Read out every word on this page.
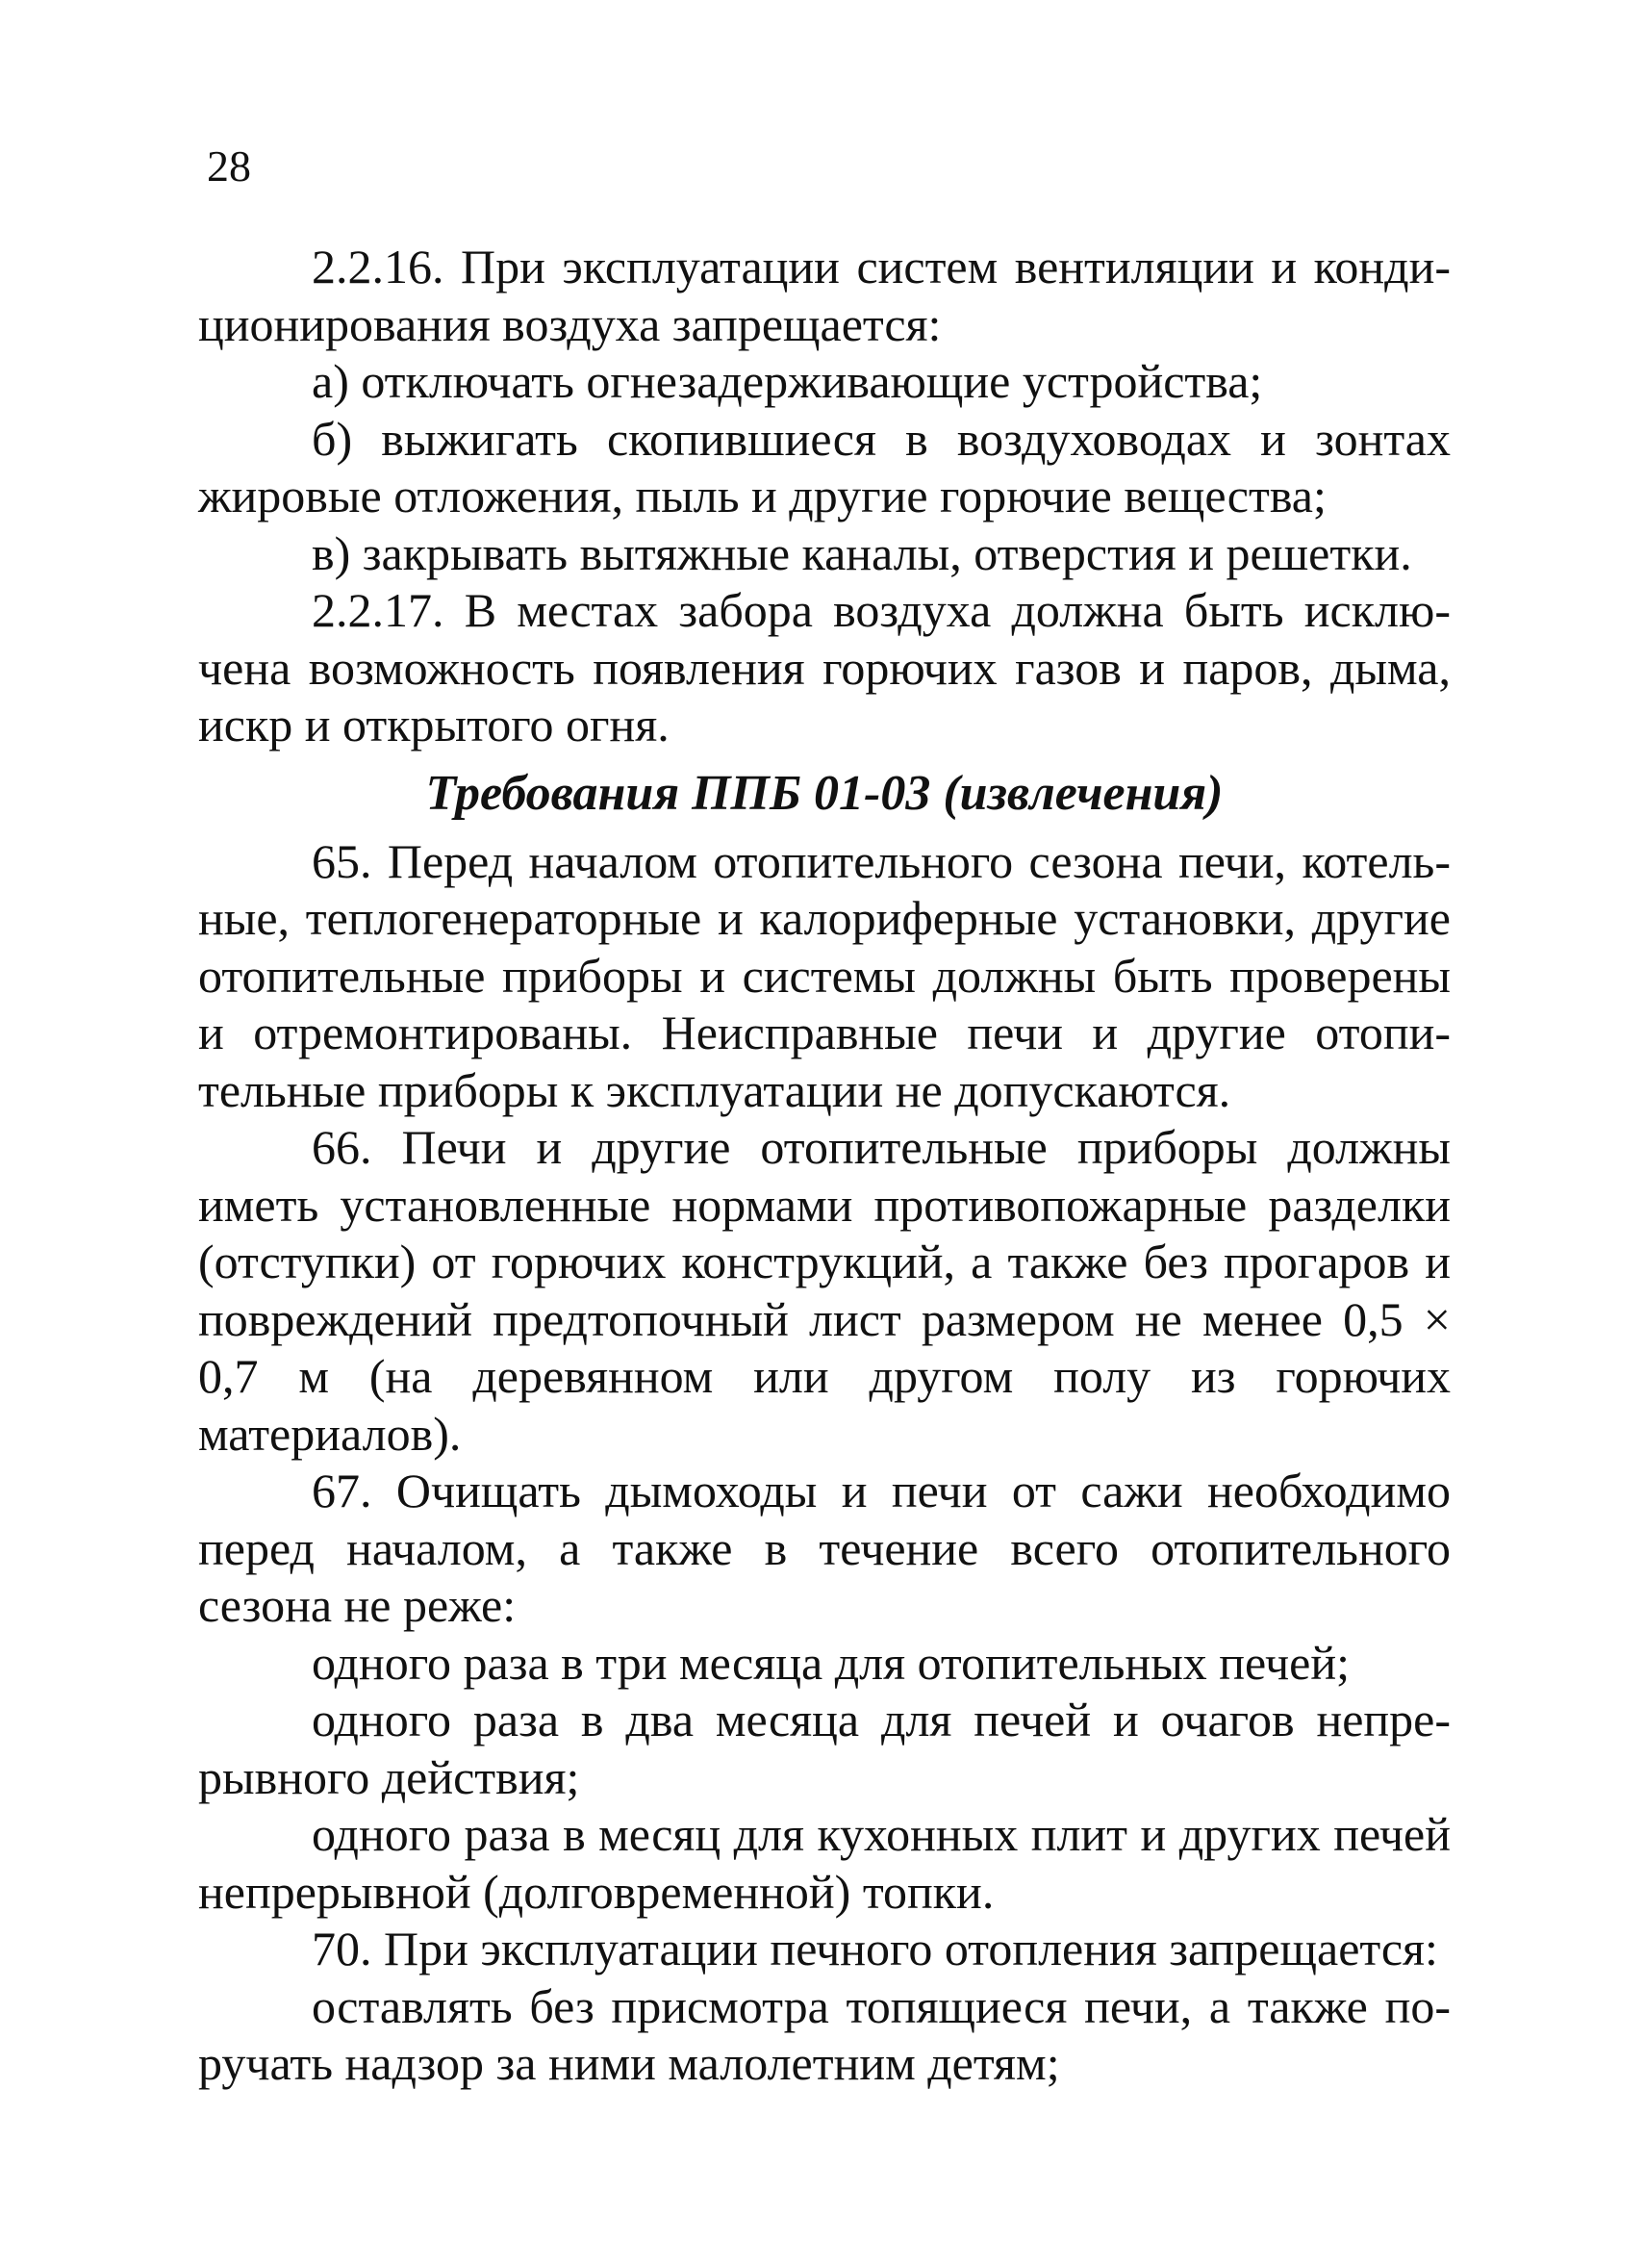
28

2.2.16. При эксплуатации систем вентиляции и кондиционирования воздуха запрещается:

а) отключать огнезадерживающие устройства;

б) выжигать скопившиеся в воздуховодах и зонтах жировые отложения, пыль и другие горючие вещества;

в) закрывать вытяжные каналы, отверстия и решетки.

2.2.17. В местах забора воздуха должна быть исключена возможность появления горючих газов и паров, дыма, искр и открытого огня.

Требования ППБ 01-03 (извлечения)

65. Перед началом отопительного сезона печи, котельные, теплогенераторные и калориферные установки, другие отопительные приборы и системы должны быть проверены и отремонтированы. Неисправные печи и другие отопительные приборы к эксплуатации не допускаются.

66. Печи и другие отопительные приборы должны иметь установленные нормами противопожарные разделки (отступки) от горючих конструкций, а также без прогаров и повреждений предтопочный лист размером не менее 0,5 × 0,7 м (на деревянном или другом полу из горючих материалов).

67. Очищать дымоходы и печи от сажи необходимо перед началом, а также в течение всего отопительного сезона не реже:

одного раза в три месяца для отопительных печей;

одного раза в два месяца для печей и очагов непрерывного действия;

одного раза в месяц для кухонных плит и других печей непрерывной (долговременной) топки.

70. При эксплуатации печного отопления запрещается:

оставлять без присмотра топящиеся печи, а также поручать надзор за ними малолетним детям;
